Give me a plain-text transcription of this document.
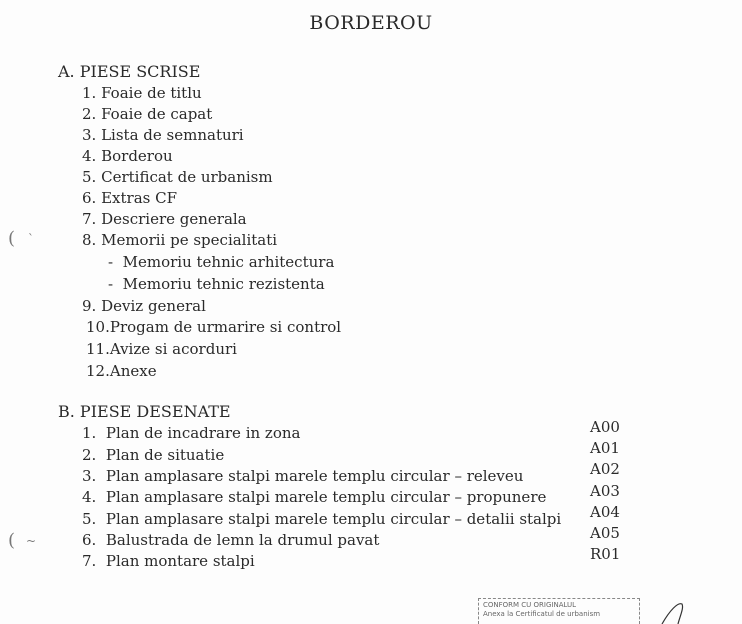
BORDEROU
A. PIESE SCRISE
1. Foaie de titlu
2. Foaie de capat
3. Lista de semnaturi
4. Borderou
5. Certificat de urbanism
6. Extras CF
7. Descriere generala
8. Memorii pe specialitati
- Memoriu tehnic arhitectura
- Memoriu tehnic rezistenta
9. Deviz general
10.Progam de urmarire si control
11.Avize si acorduri
12.Anexe
B. PIESE DESENATE
1. Plan de incadrare in zona	A00
2. Plan de situatie	A01
3. Plan amplasare stalpi marele templu circular – releveu	A02
4. Plan amplasare stalpi marele templu circular – propunere	A03
5. Plan amplasare stalpi marele templu circular – detalii stalpi A04
6. Balustrada de lemn la drumul pavat	A05
7. Plan montare stalpi	R01
( ˋ
( ~
CONFORM CU ORIGINALUL
Anexa la Certificatul de urbanism
